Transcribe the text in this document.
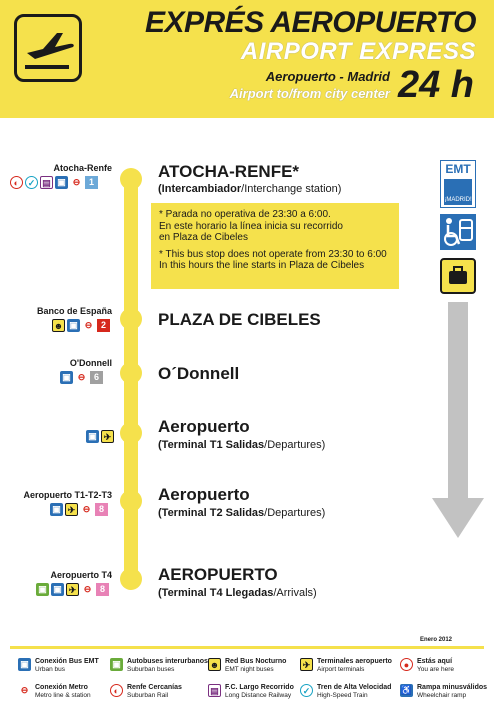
EXPRÉS AEROPUERTO
AIRPORT EXPRESS
Aeropuerto - Madrid
Airport to/from city center 24 h
Atocha-Renfe
◐ ✓ ▤ ▣ ⊖ 1
ATOCHA-RENFE*
(Intercambiador/Interchange station)

* Parada no operativa de 23:30 a 6:00.
En este horario la línea inicia su recorrido
en Plaza de Cibeles

* This bus stop does not operate from 23:30 to 6:00
In this hours the line starts in Plaza de Cibeles

Banco de España
☻ ▣ ⊖ 2	PLAZA DE CIBELES
O'Donnell
▣ ⊖ 6	O´Donnell
▣ ✈
Aeropuerto
(Terminal T1 Salidas/Departures)
Aeropuerto T1-T2-T3
▣ ✈ ⊖ 8
Aeropuerto
(Terminal T2 Salidas/Departures)
Aeropuerto T4
▣ ▣ ✈ ⊖ 8
AEROPUERTO
(Terminal T4 Llegadas/Arrivals)
EMT
¡MADRID!
Enero 2012
▣ Conexión Bus EMT
Urban bus
▣ Autobuses interurbanos
Suburban buses	☻ Red Bus Nocturno
EMT night buses	✈ Terminales aeropuerto
Airport terminals	●	Estás aquí
You are here
⊖ Conexión Metro
Metro line & station	◐	Renfe Cercanías
Suburban Rail	▤ F.C. Largo Recorrido
Long Distance Railway	✓ Tren de Alta Velocidad
High-Speed Train
♿ Rampa minusválidos
Wheelchair ramp
